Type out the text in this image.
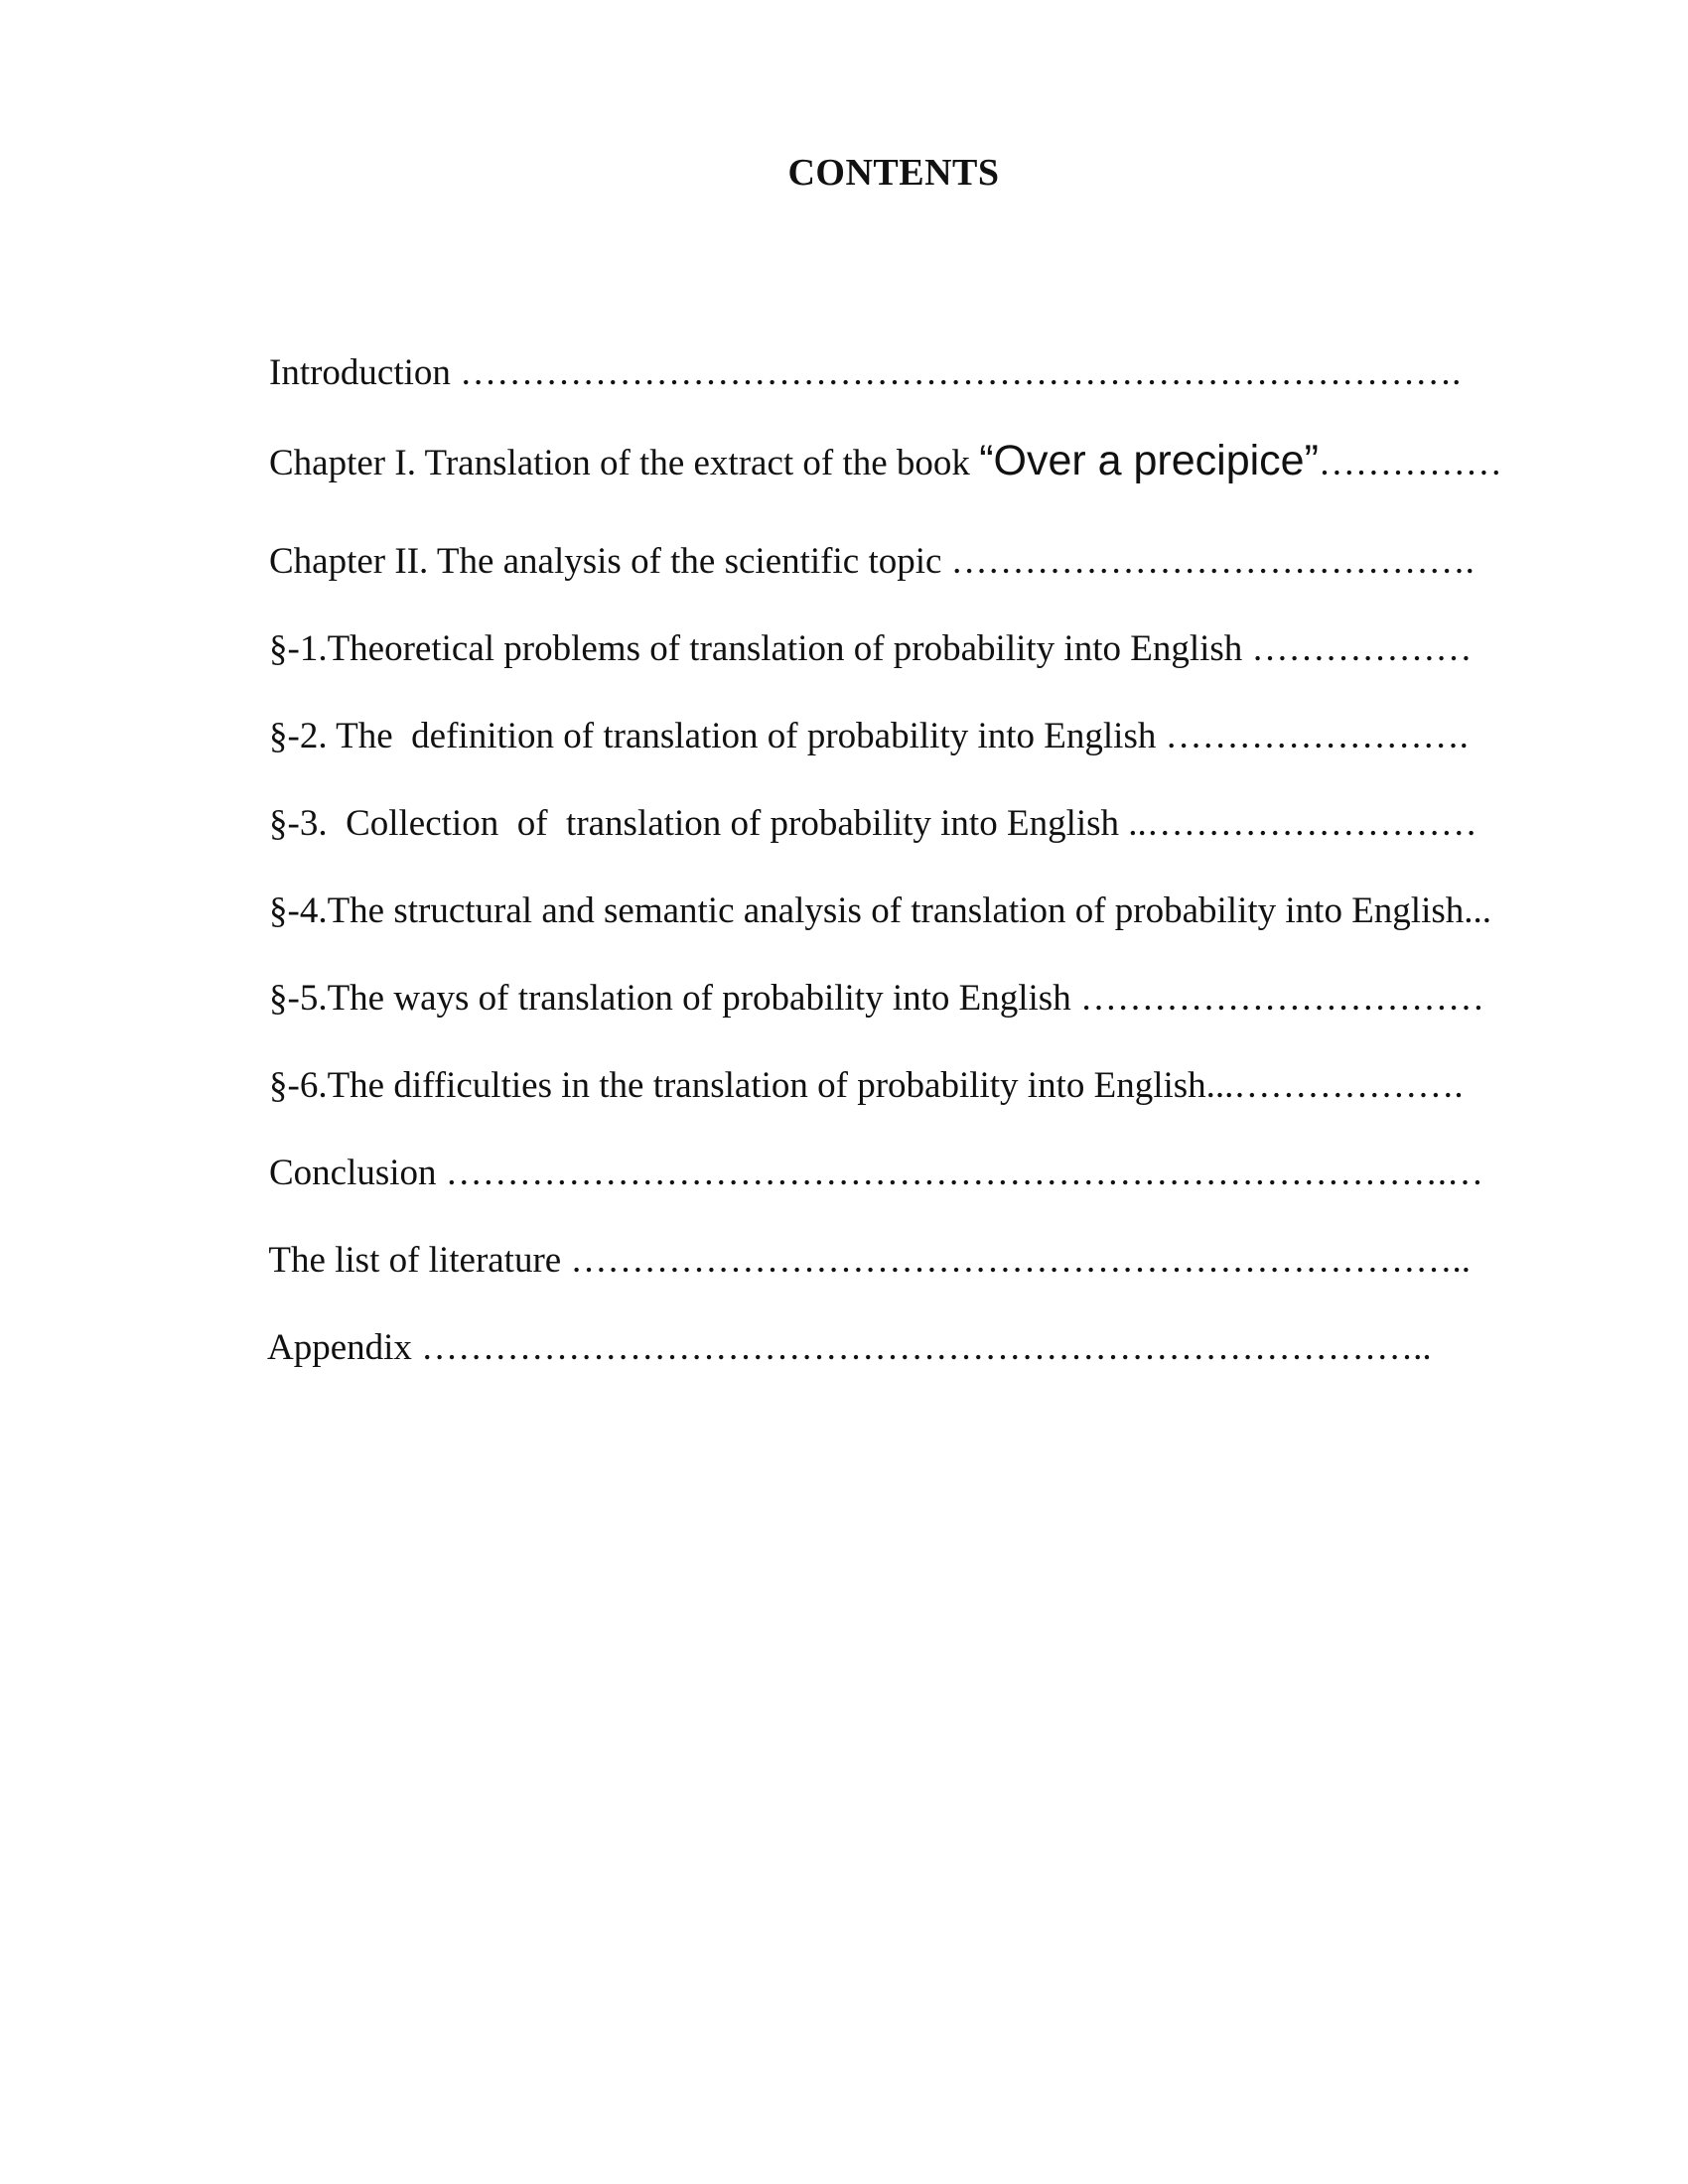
CONTENTS

Introduction ……………………………………………………………………….

Chapter I. Translation of the extract of the book “Over a precipice”……………

Chapter II. The analysis of the scientific topic …………………………………….

§-1.Theoretical problems of translation of probability into English ………………

§-2. The  definition of translation of probability into English …………………….

§-3.  Collection  of  translation of probability into English ..………………………

§-4.The structural and semantic analysis of translation of probability into English...

§-5.The ways of translation of probability into English ……………………………

§-6.The difficulties in the translation of probability into English...……………….

Conclusion ……………………………………………………………………….…

The list of literature ………………………………………………………………..

Appendix ………………………………………………………………………..
